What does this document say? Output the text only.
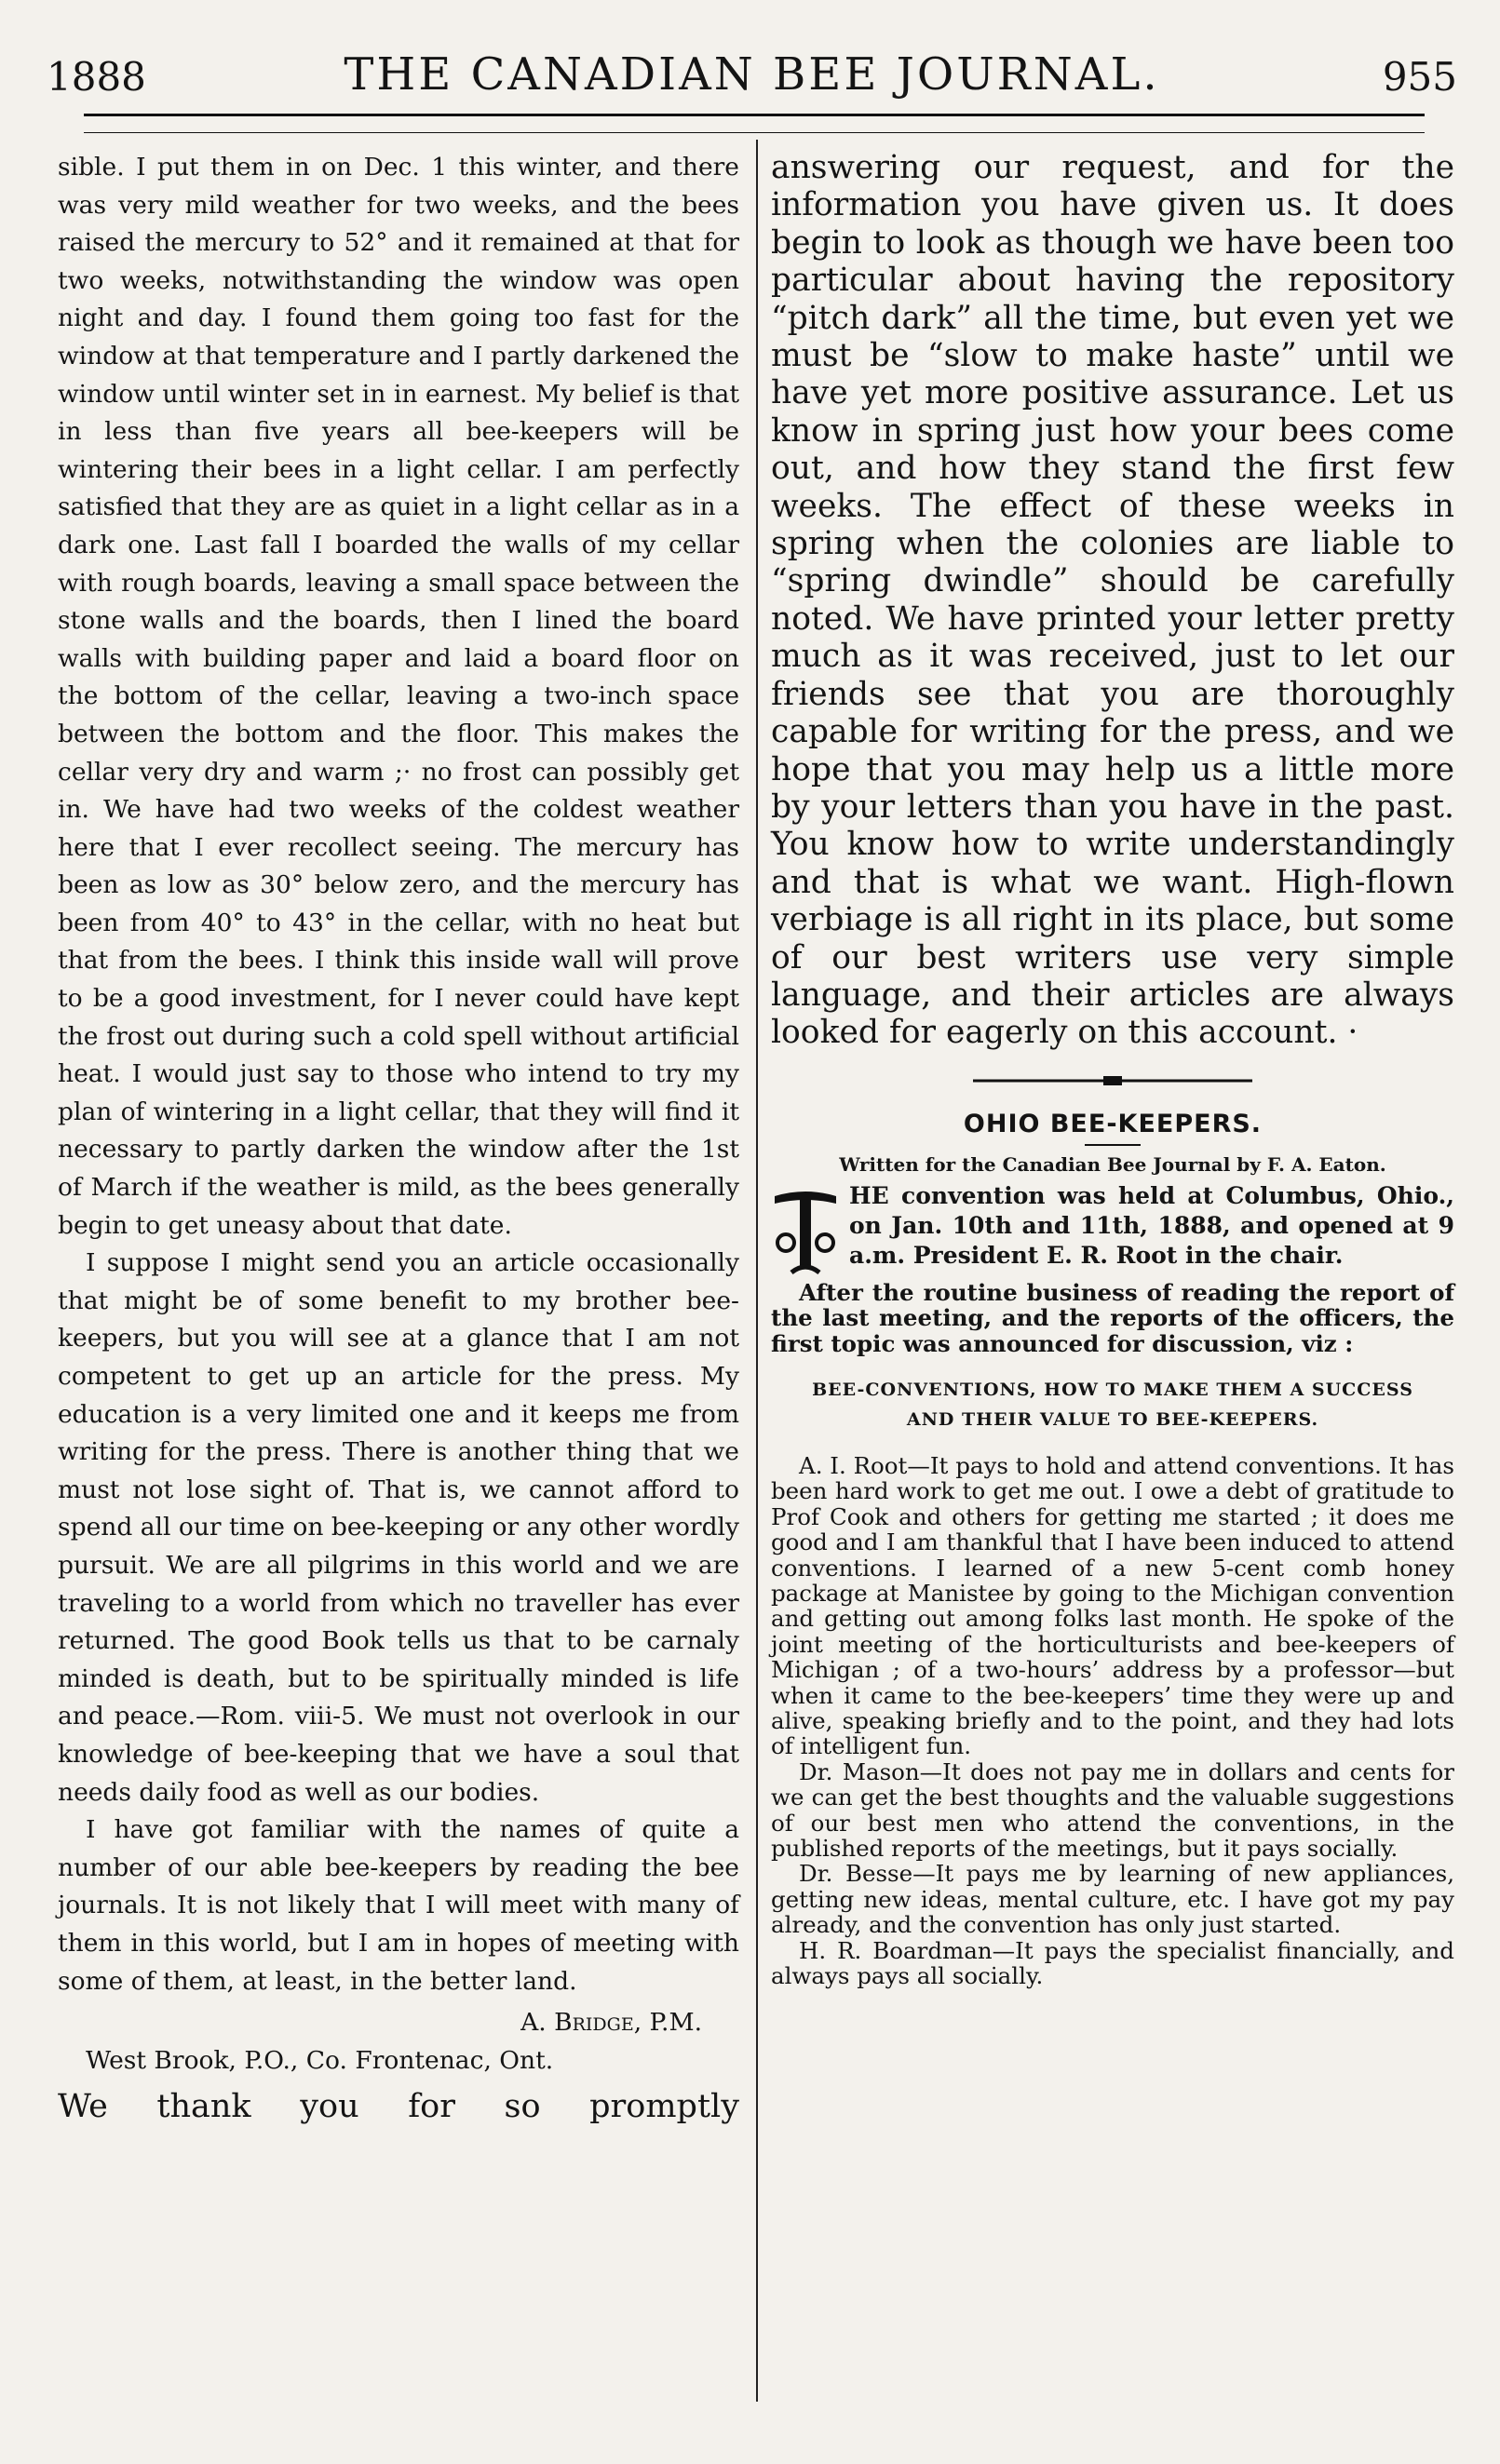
1888	THE CANADIAN BEE JOURNAL.	955

sible. I put them in on Dec. 1 this winter, and there was very mild weather for two weeks, and the bees raised the mercury to 52° and it remained at that for two weeks, notwithstanding the window was open night and day. I found them going too fast for the window at that temperature and I partly darkened the window until winter set in in earnest. My belief is that in less than five years all bee-keepers will be wintering their bees in a light cellar. I am perfectly satisfied that they are as quiet in a light cellar as in a dark one. Last fall I boarded the walls of my cellar with rough boards, leaving a small space between the stone walls and the boards, then I lined the board walls with building paper and laid a board floor on the bottom of the cellar, leaving a two-inch space between the bottom and the floor. This makes the cellar very dry and warm ;· no frost can possibly get in. We have had two weeks of the coldest weather here that I ever recollect seeing. The mercury has been as low as 30° below zero, and the mercury has been from 40° to 43° in the cellar, with no heat but that from the bees. I think this inside wall will prove to be a good investment, for I never could have kept the frost out during such a cold spell without artificial heat. I would just say to those who intend to try my plan of wintering in a light cellar, that they will find it necessary to partly darken the window after the 1st of March if the weather is mild, as the bees generally begin to get uneasy about that date.

I suppose I might send you an article occasionally that might be of some benefit to my brother bee-keepers, but you will see at a glance that I am not competent to get up an article for the press. My education is a very limited one and it keeps me from writing for the press. There is another thing that we must not lose sight of. That is, we cannot afford to spend all our time on bee-keeping or any other wordly pursuit. We are all pilgrims in this world and we are traveling to a world from which no traveller has ever returned. The good Book tells us that to be carnaly minded is death, but to be spiritually minded is life and peace.—Rom. viii-5. We must not overlook in our knowledge of bee-keeping that we have a soul that needs daily food as well as our bodies.

I have got familiar with the names of quite a number of our able bee-keepers by reading the bee journals. It is not likely that I will meet with many of them in this world, but I am in hopes of meeting with some of them, at least, in the better land.

A. Bridge, P.M.

West Brook, P.O., Co. Frontenac, Ont.

We thank you for so promptly

answering our request, and for the information you have given us. It does begin to look as though we have been too particular about having the repository “pitch dark” all the time, but even yet we must be “slow to make haste” until we have yet more positive assurance. Let us know in spring just how your bees come out, and how they stand the first few weeks. The effect of these weeks in spring when the colonies are liable to “spring dwindle” should be carefully noted. We have printed your letter pretty much as it was received, just to let our friends see that you are thoroughly capable for writing for the press, and we hope that you may help us a little more by your letters than you have in the past. You know how to write understandingly and that is what we want. High-flown verbiage is all right in its place, but some of our best writers use very simple language, and their articles are always looked for eagerly on this account. ·

OHIO BEE-KEEPERS.
Written for the Canadian Bee Journal by F. A. Eaton.
HE convention was held at Columbus, Ohio., on Jan. 10th and 11th, 1888, and opened at 9 a.m. President E. R. Root in the chair.

After the routine business of reading the report of the last meeting, and the reports of the officers, the first topic was announced for discussion, viz :

BEE-CONVENTIONS, HOW TO MAKE THEM A SUCCESS
AND THEIR VALUE TO BEE-KEEPERS.

A. I. Root—It pays to hold and attend conventions. It has been hard work to get me out. I owe a debt of gratitude to Prof Cook and others for getting me started ; it does me good and I am thankful that I have been induced to attend conventions. I learned of a new 5-cent comb honey package at Manistee by going to the Michigan convention and getting out among folks last month. He spoke of the joint meeting of the horticulturists and bee-keepers of Michigan ; of a two-hours’ address by a professor—but when it came to the bee-keepers’ time they were up and alive, speaking briefly and to the point, and they had lots of intelligent fun.

Dr. Mason—It does not pay me in dollars and cents for we can get the best thoughts and the valuable suggestions of our best men who attend the conventions, in the published reports of the meetings, but it pays socially.

Dr. Besse—It pays me by learning of new appliances, getting new ideas, mental culture, etc. I have got my pay already, and the convention has only just started.

H. R. Boardman—It pays the specialist financially, and always pays all socially.
